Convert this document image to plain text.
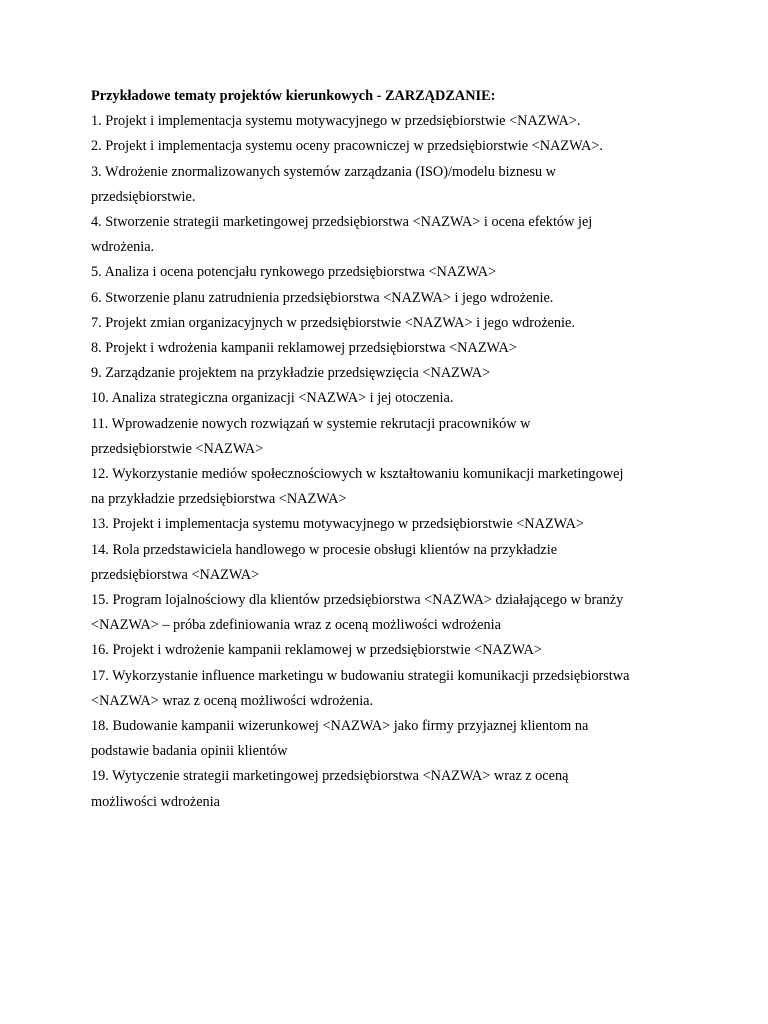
Przykładowe tematy projektów kierunkowych - ZARZĄDZANIE:

1. Projekt i implementacja systemu motywacyjnego w przedsiębiorstwie <NAZWA>.
2. Projekt i implementacja systemu oceny pracowniczej w przedsiębiorstwie <NAZWA>.
3. Wdrożenie znormalizowanych systemów zarządzania (ISO)/modelu biznesu w
przedsiębiorstwie.
4. Stworzenie strategii marketingowej przedsiębiorstwa <NAZWA> i ocena efektów jej
wdrożenia.
5. Analiza i ocena potencjału rynkowego przedsiębiorstwa <NAZWA>
6. Stworzenie planu zatrudnienia przedsiębiorstwa <NAZWA> i jego wdrożenie.
7. Projekt zmian organizacyjnych w przedsiębiorstwie <NAZWA> i jego wdrożenie.
8. Projekt i wdrożenia kampanii reklamowej przedsiębiorstwa <NAZWA>
9. Zarządzanie projektem na przykładzie przedsięwzięcia <NAZWA>
10. Analiza strategiczna organizacji <NAZWA> i jej otoczenia.
11. Wprowadzenie nowych rozwiązań w systemie rekrutacji pracowników w
przedsiębiorstwie <NAZWA>
12. Wykorzystanie mediów społecznościowych w kształtowaniu komunikacji marketingowej
na przykładzie przedsiębiorstwa <NAZWA>
13. Projekt i implementacja systemu motywacyjnego w przedsiębiorstwie <NAZWA>
14. Rola przedstawiciela handlowego w procesie obsługi klientów na przykładzie
przedsiębiorstwa <NAZWA>
15. Program lojalnościowy dla klientów przedsiębiorstwa <NAZWA> działającego w branży
<NAZWA> – próba zdefiniowania wraz z oceną możliwości wdrożenia
16. Projekt i wdrożenie kampanii reklamowej w przedsiębiorstwie <NAZWA>
17. Wykorzystanie influence marketingu w budowaniu strategii komunikacji przedsiębiorstwa
<NAZWA> wraz z oceną możliwości wdrożenia.
18. Budowanie kampanii wizerunkowej <NAZWA> jako firmy przyjaznej klientom na
podstawie badania opinii klientów
19. Wytyczenie strategii marketingowej przedsiębiorstwa <NAZWA> wraz z oceną
możliwości wdrożenia
